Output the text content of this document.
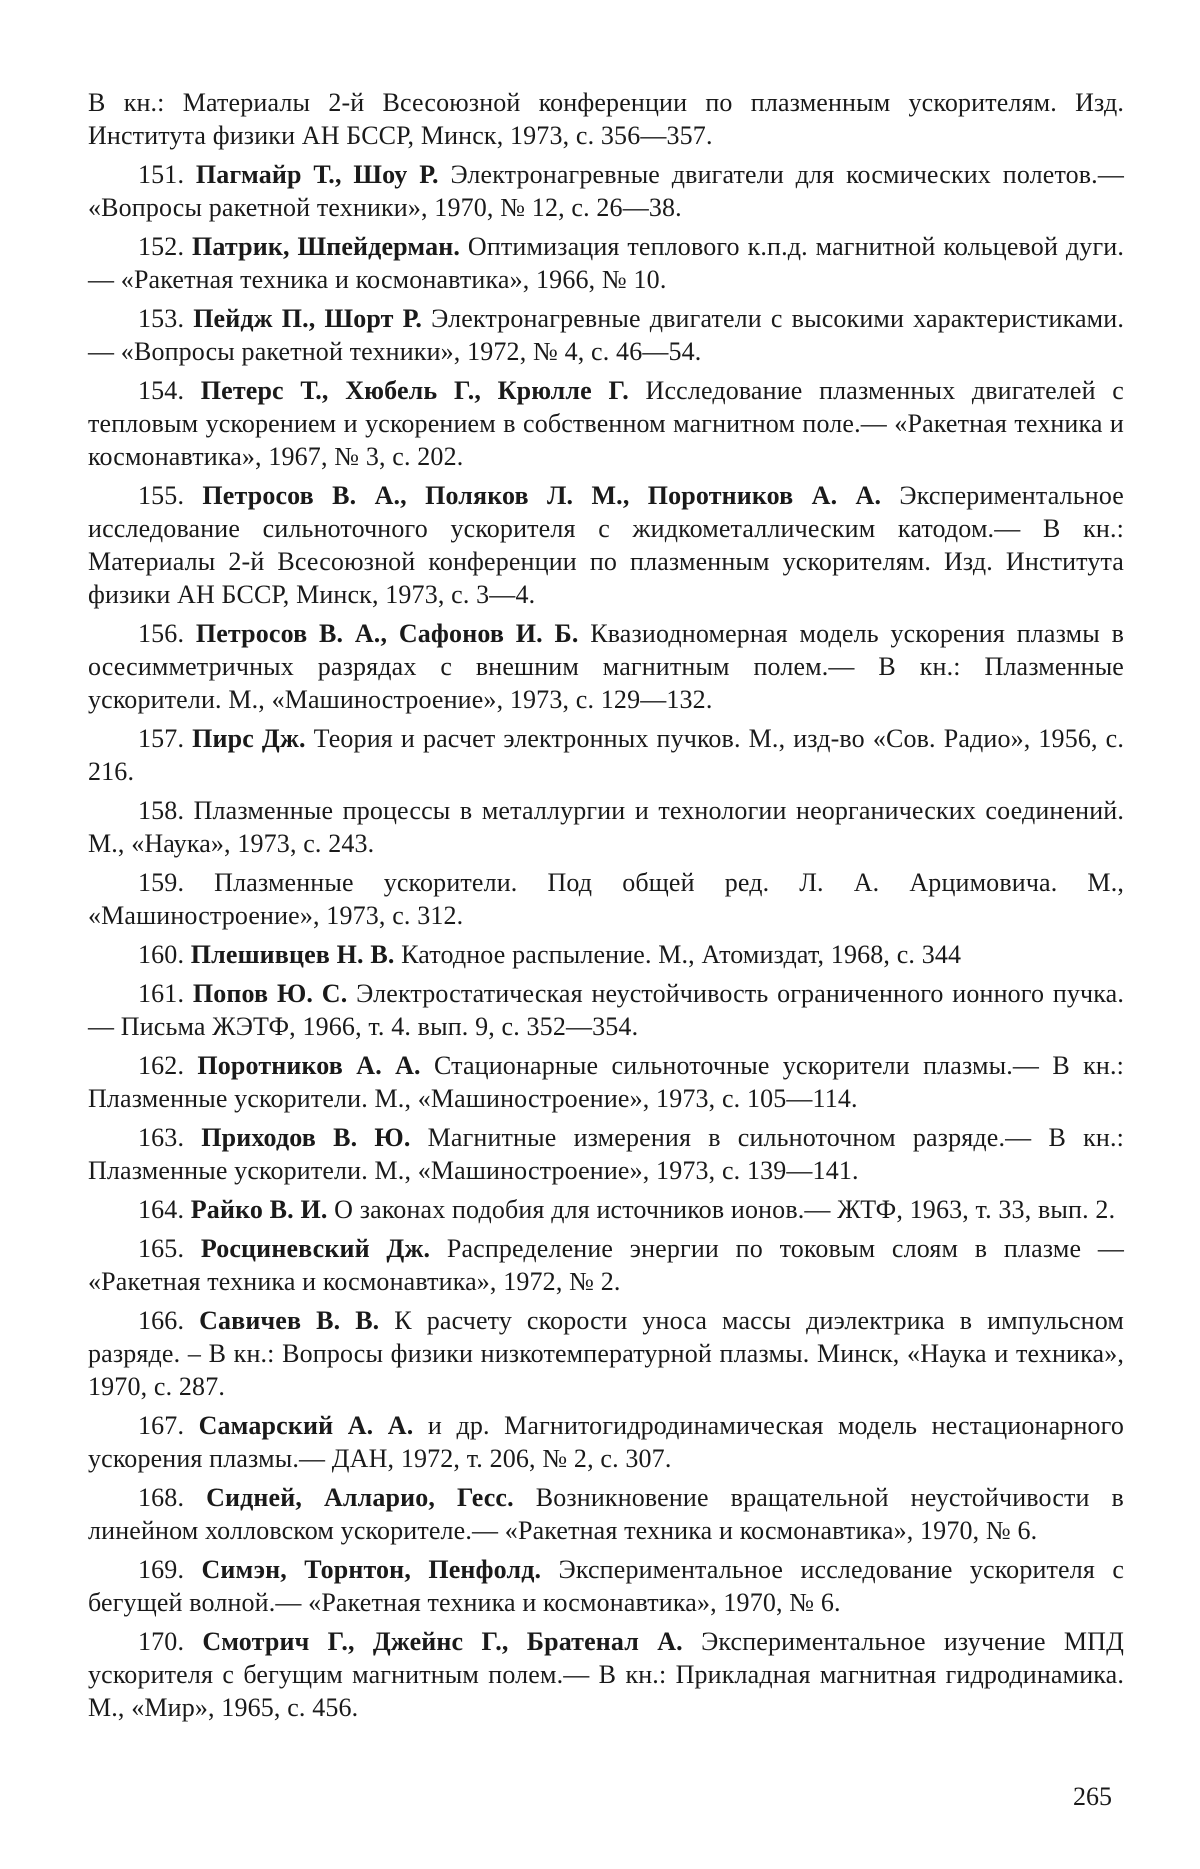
В кн.: Материалы 2-й Всесоюзной конференции по плазменным ускорителям. Изд. Института физики АН БССР, Минск, 1973, с. 356—357.

151. Пагмайр Т., Шоу Р. Электронагревные двигатели для космических полетов.— «Вопросы ракетной техники», 1970, № 12, с. 26—38.

152. Патрик, Шпейдерман. Оптимизация теплового к.п.д. магнитной кольцевой дуги.— «Ракетная техника и космонавтика», 1966, № 10.

153. Пейдж П., Шорт Р. Электронагревные двигатели с высокими характеристиками.— «Вопросы ракетной техники», 1972, № 4, с. 46—54.

154. Петерс Т., Хюбель Г., Крюлле Г. Исследование плазменных двигателей с тепловым ускорением и ускорением в собственном магнитном поле.— «Ракетная техника и космонавтика», 1967, № 3, с. 202.

155. Петросов В. А., Поляков Л. М., Поротников А. А. Экспериментальное исследование сильноточного ускорителя с жидкометаллическим катодом.— В кн.: Материалы 2-й Всесоюзной конференции по плазменным ускорителям. Изд. Института физики АН БССР, Минск, 1973, с. 3—4.

156. Петросов В. А., Сафонов И. Б. Квазиодномерная модель ускорения плазмы в осесимметричных разрядах с внешним магнитным полем.— В кн.: Плазменные ускорители. М., «Машиностроение», 1973, с. 129—132.

157. Пирс Дж. Теория и расчет электронных пучков. М., изд-во «Сов. Радио», 1956, с. 216.

158. Плазменные процессы в металлургии и технологии неорганических соединений. М., «Наука», 1973, с. 243.

159. Плазменные ускорители. Под общей ред. Л. А. Арцимовича. М., «Машиностроение», 1973, с. 312.

160. Плешивцев Н. В. Катодное распыление. М., Атомиздат, 1968, с. 344

161. Попов Ю. С. Электростатическая неустойчивость ограниченного ионного пучка.— Письма ЖЭТФ, 1966, т. 4. вып. 9, с. 352—354.

162. Поротников А. А. Стационарные сильноточные ускорители плазмы.— В кн.: Плазменные ускорители. М., «Машиностроение», 1973, с. 105—114.

163. Приходов В. Ю. Магнитные измерения в сильноточном разряде.— В кн.: Плазменные ускорители. М., «Машиностроение», 1973, с. 139—141.

164. Райко В. И. О законах подобия для источников ионов.— ЖТФ, 1963, т. 33, вып. 2.

165. Росциневский Дж. Распределение энергии по токовым слоям в плазме — «Ракетная техника и космонавтика», 1972, № 2.

166. Савичев В. В. К расчету скорости уноса массы диэлектрика в импульсном разряде. – В кн.: Вопросы физики низкотемпературной плазмы. Минск, «Наука и техника», 1970, с. 287.

167. Самарский А. А. и др. Магнитогидродинамическая модель нестационарного ускорения плазмы.— ДАН, 1972, т. 206, № 2, с. 307.

168. Сидней, Алларио, Гесс. Возникновение вращательной неустойчивости в линейном холловском ускорителе.— «Ракетная техника и космонавтика», 1970, № 6.

169. Симэн, Торнтон, Пенфолд. Экспериментальное исследование ускорителя с бегущей волной.— «Ракетная техника и космонавтика», 1970, № 6.

170. Смотрич Г., Джейнс Г., Братенал А. Экспериментальное изучение МПД ускорителя с бегущим магнитным полем.— В кн.: Прикладная магнитная гидродинамика. М., «Мир», 1965, с. 456.

265
